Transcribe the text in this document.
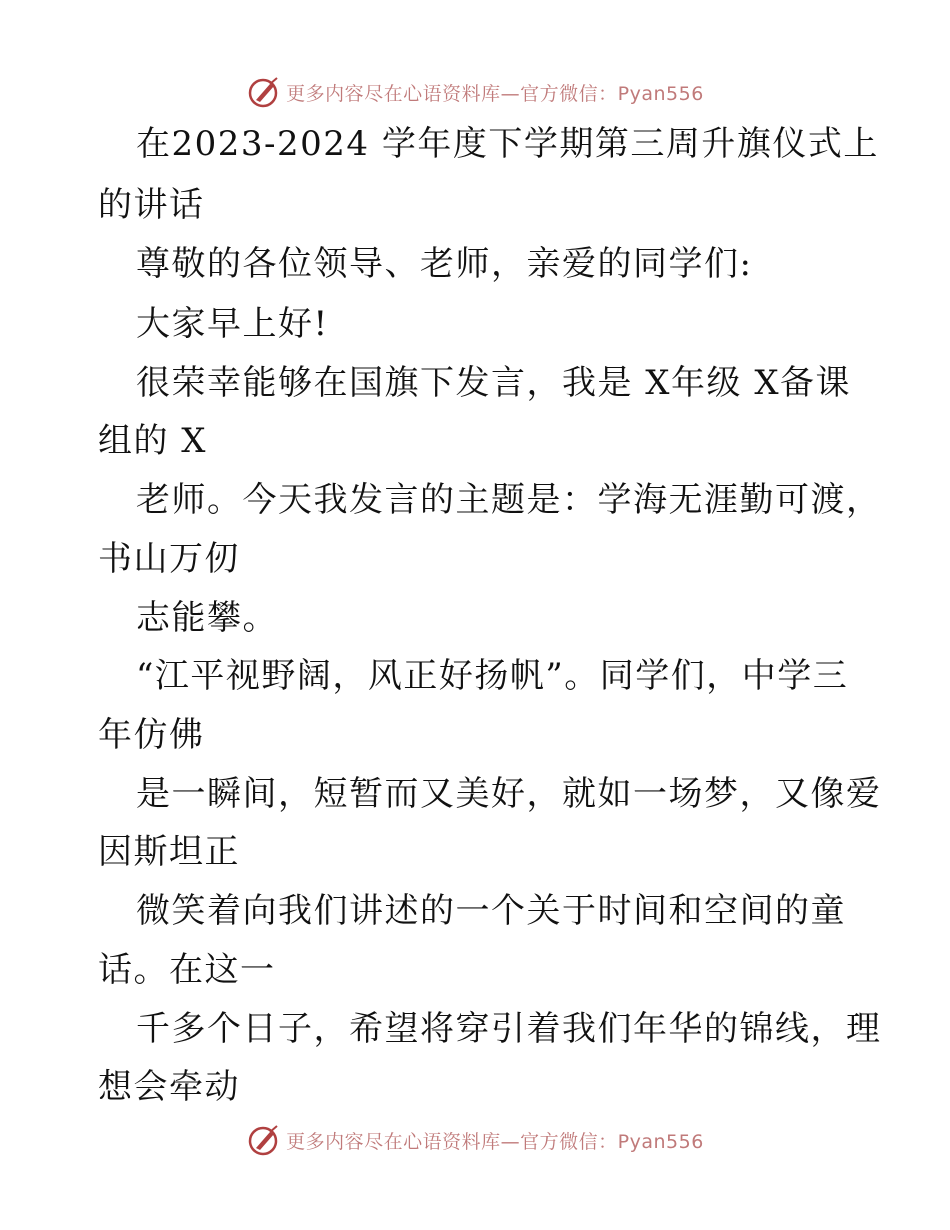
更多内容尽在心语资料库—官方微信：Pyan556
在2023-2024 学年度下学期第三周升旗仪式上
的讲话
尊敬的各位领导、老师，亲爱的同学们:
大家早上好!
很荣幸能够在国旗下发言，我是 X年级 X备课
组的 X
老师。今天我发言的主题是：学海无涯勤可渡，
书山万仞
志能攀。
“江平视野阔，风正好扬帆”。同学们，中学三
年仿佛
是一瞬间，短暂而又美好，就如一场梦，又像爱
因斯坦正
微笑着向我们讲述的一个关于时间和空间的童
话。在这一
千多个日子，希望将穿引着我们年华的锦线，理
想会牵动
更多内容尽在心语资料库—官方微信：Pyan556
